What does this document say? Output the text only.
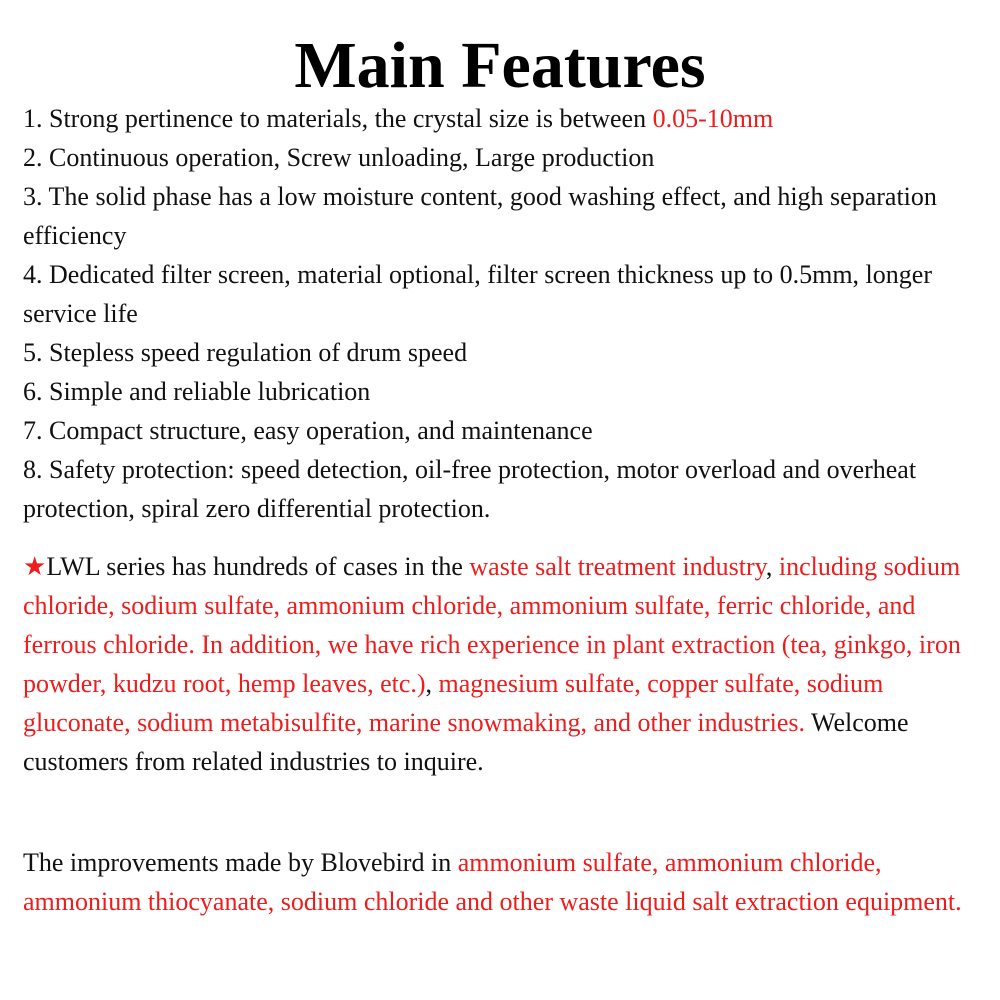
Main Features
1. Strong pertinence to materials, the crystal size is between 0.05-10mm
2. Continuous operation, Screw unloading, Large production
3. The solid phase has a low moisture content, good washing effect, and high separation efficiency
4. Dedicated filter screen, material optional, filter screen thickness up to 0.5mm, longer service life
5. Stepless speed regulation of drum speed
6. Simple and reliable lubrication
7. Compact structure, easy operation, and maintenance
8. Safety protection: speed detection, oil-free protection, motor overload and overheat protection, spiral zero differential protection.

★LWL series has hundreds of cases in the waste salt treatment industry, including sodium chloride, sodium sulfate, ammonium chloride, ammonium sulfate, ferric chloride, and ferrous chloride. In addition, we have rich experience in plant extraction (tea, ginkgo, iron powder, kudzu root, hemp leaves, etc.), magnesium sulfate, copper sulfate, sodium gluconate, sodium metabisulfite, marine snowmaking, and other industries. Welcome customers from related industries to inquire.

The improvements made by Blovebird in ammonium sulfate, ammonium chloride, ammonium thiocyanate, sodium chloride and other waste liquid salt extraction equipment.
